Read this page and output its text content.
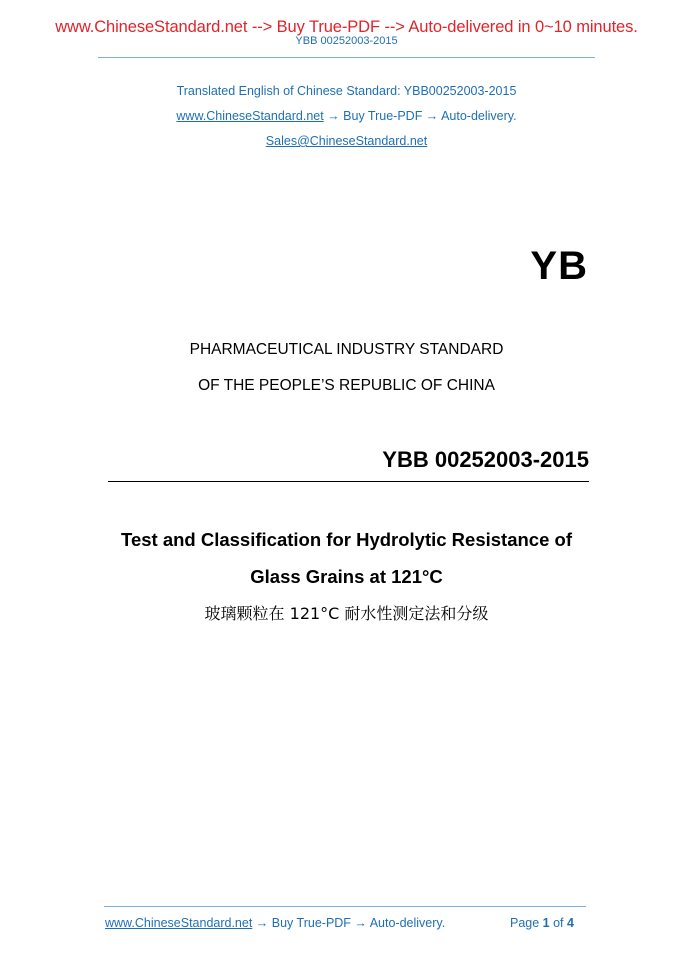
www.ChineseStandard.net --> Buy True-PDF --> Auto-delivered in 0~10 minutes.
YBB 00252003-2015
Translated English of Chinese Standard: YBB00252003-2015
www.ChineseStandard.net → Buy True-PDF → Auto-delivery.
Sales@ChineseStandard.net
YB
PHARMACEUTICAL INDUSTRY STANDARD
OF THE PEOPLE’S REPUBLIC OF CHINA
YBB 00252003-2015
Test and Classification for Hydrolytic Resistance of
Glass Grains at 121°C
玻璃颗粒在 121°C 耐水性测定法和分级
www.ChineseStandard.net → Buy True-PDF → Auto-delivery.	Page 1 of 4
